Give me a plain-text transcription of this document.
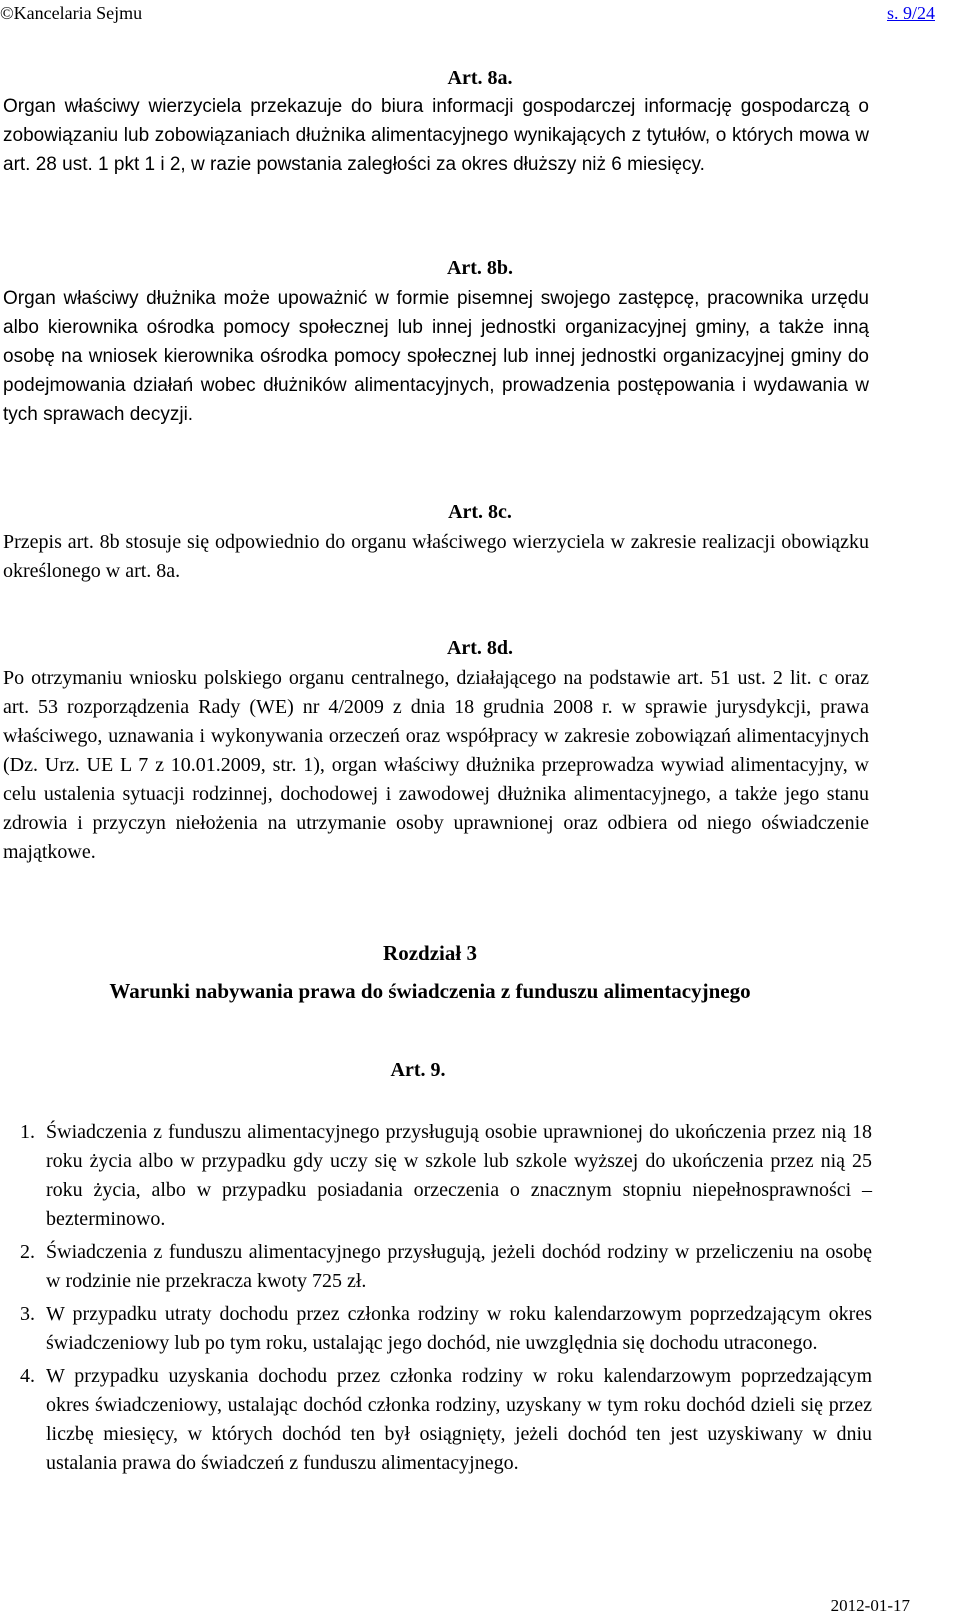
©Kancelaria Sejmu	s. 9/24
Art. 8a.

Organ właściwy wierzyciela przekazuje do biura informacji gospodarczej informację gospodarczą o zobowiązaniu lub zobowiązaniach dłużnika alimentacyjnego wynikających z tytułów, o których mowa w art. 28 ust. 1 pkt 1 i 2, w razie powstania zaległości za okres dłuższy niż 6 miesięcy.

Art. 8b.

Organ właściwy dłużnika może upoważnić w formie pisemnej swojego zastępcę, pracownika urzędu albo kierownika ośrodka pomocy społecznej lub innej jednostki organizacyjnej gminy, a także inną osobę na wniosek kierownika ośrodka pomocy społecznej lub innej jednostki organizacyjnej gminy do podejmowania działań wobec dłużników alimentacyjnych, prowadzenia postępowania i wydawania w tych sprawach decyzji.

Art. 8c.

Przepis art. 8b stosuje się odpowiednio do organu właściwego wierzyciela w zakresie realizacji obowiązku określonego w art. 8a.

Art. 8d.

Po otrzymaniu wniosku polskiego organu centralnego, działającego na podstawie art. 51 ust. 2 lit. c oraz art. 53 rozporządzenia Rady (WE) nr 4/2009 z dnia 18 grudnia 2008 r. w sprawie jurysdykcji, prawa właściwego, uznawania i wykonywania orzeczeń oraz współpracy w zakresie zobowiązań alimentacyjnych (Dz. Urz. UE L 7 z 10.01.2009, str. 1), organ właściwy dłużnika przeprowadza wywiad alimentacyjny, w celu ustalenia sytuacji rodzinnej, dochodowej i zawodowej dłużnika alimentacyjnego, a także jego stanu zdrowia i przyczyn niełożenia na utrzymanie osoby uprawnionej oraz odbiera od niego oświadczenie majątkowe.

Rozdział 3
Warunki nabywania prawa do świadczenia z funduszu alimentacyjnego
Art. 9.
1. Świadczenia z funduszu alimentacyjnego przysługują osobie uprawnionej do ukończenia przez nią 18 roku życia albo w przypadku gdy uczy się w szkole lub szkole wyższej do ukończenia przez nią 25 roku życia, albo w przypadku posiadania orzeczenia o znacznym stopniu niepełnosprawności – bezterminowo.
2. Świadczenia z funduszu alimentacyjnego przysługują, jeżeli dochód rodziny w przeliczeniu na osobę w rodzinie nie przekracza kwoty 725 zł.
3. W przypadku utraty dochodu przez członka rodziny w roku kalendarzowym poprzedzającym okres świadczeniowy lub po tym roku, ustalając jego dochód, nie uwzględnia się dochodu utraconego.
4. W przypadku uzyskania dochodu przez członka rodziny w roku kalendarzowym poprzedzającym okres świadczeniowy, ustalając dochód członka rodziny, uzyskany w tym roku dochód dzieli się przez liczbę miesięcy, w których dochód ten był osiągnięty, jeżeli dochód ten jest uzyskiwany w dniu ustalania prawa do świadczeń z funduszu alimentacyjnego.
2012-01-17
